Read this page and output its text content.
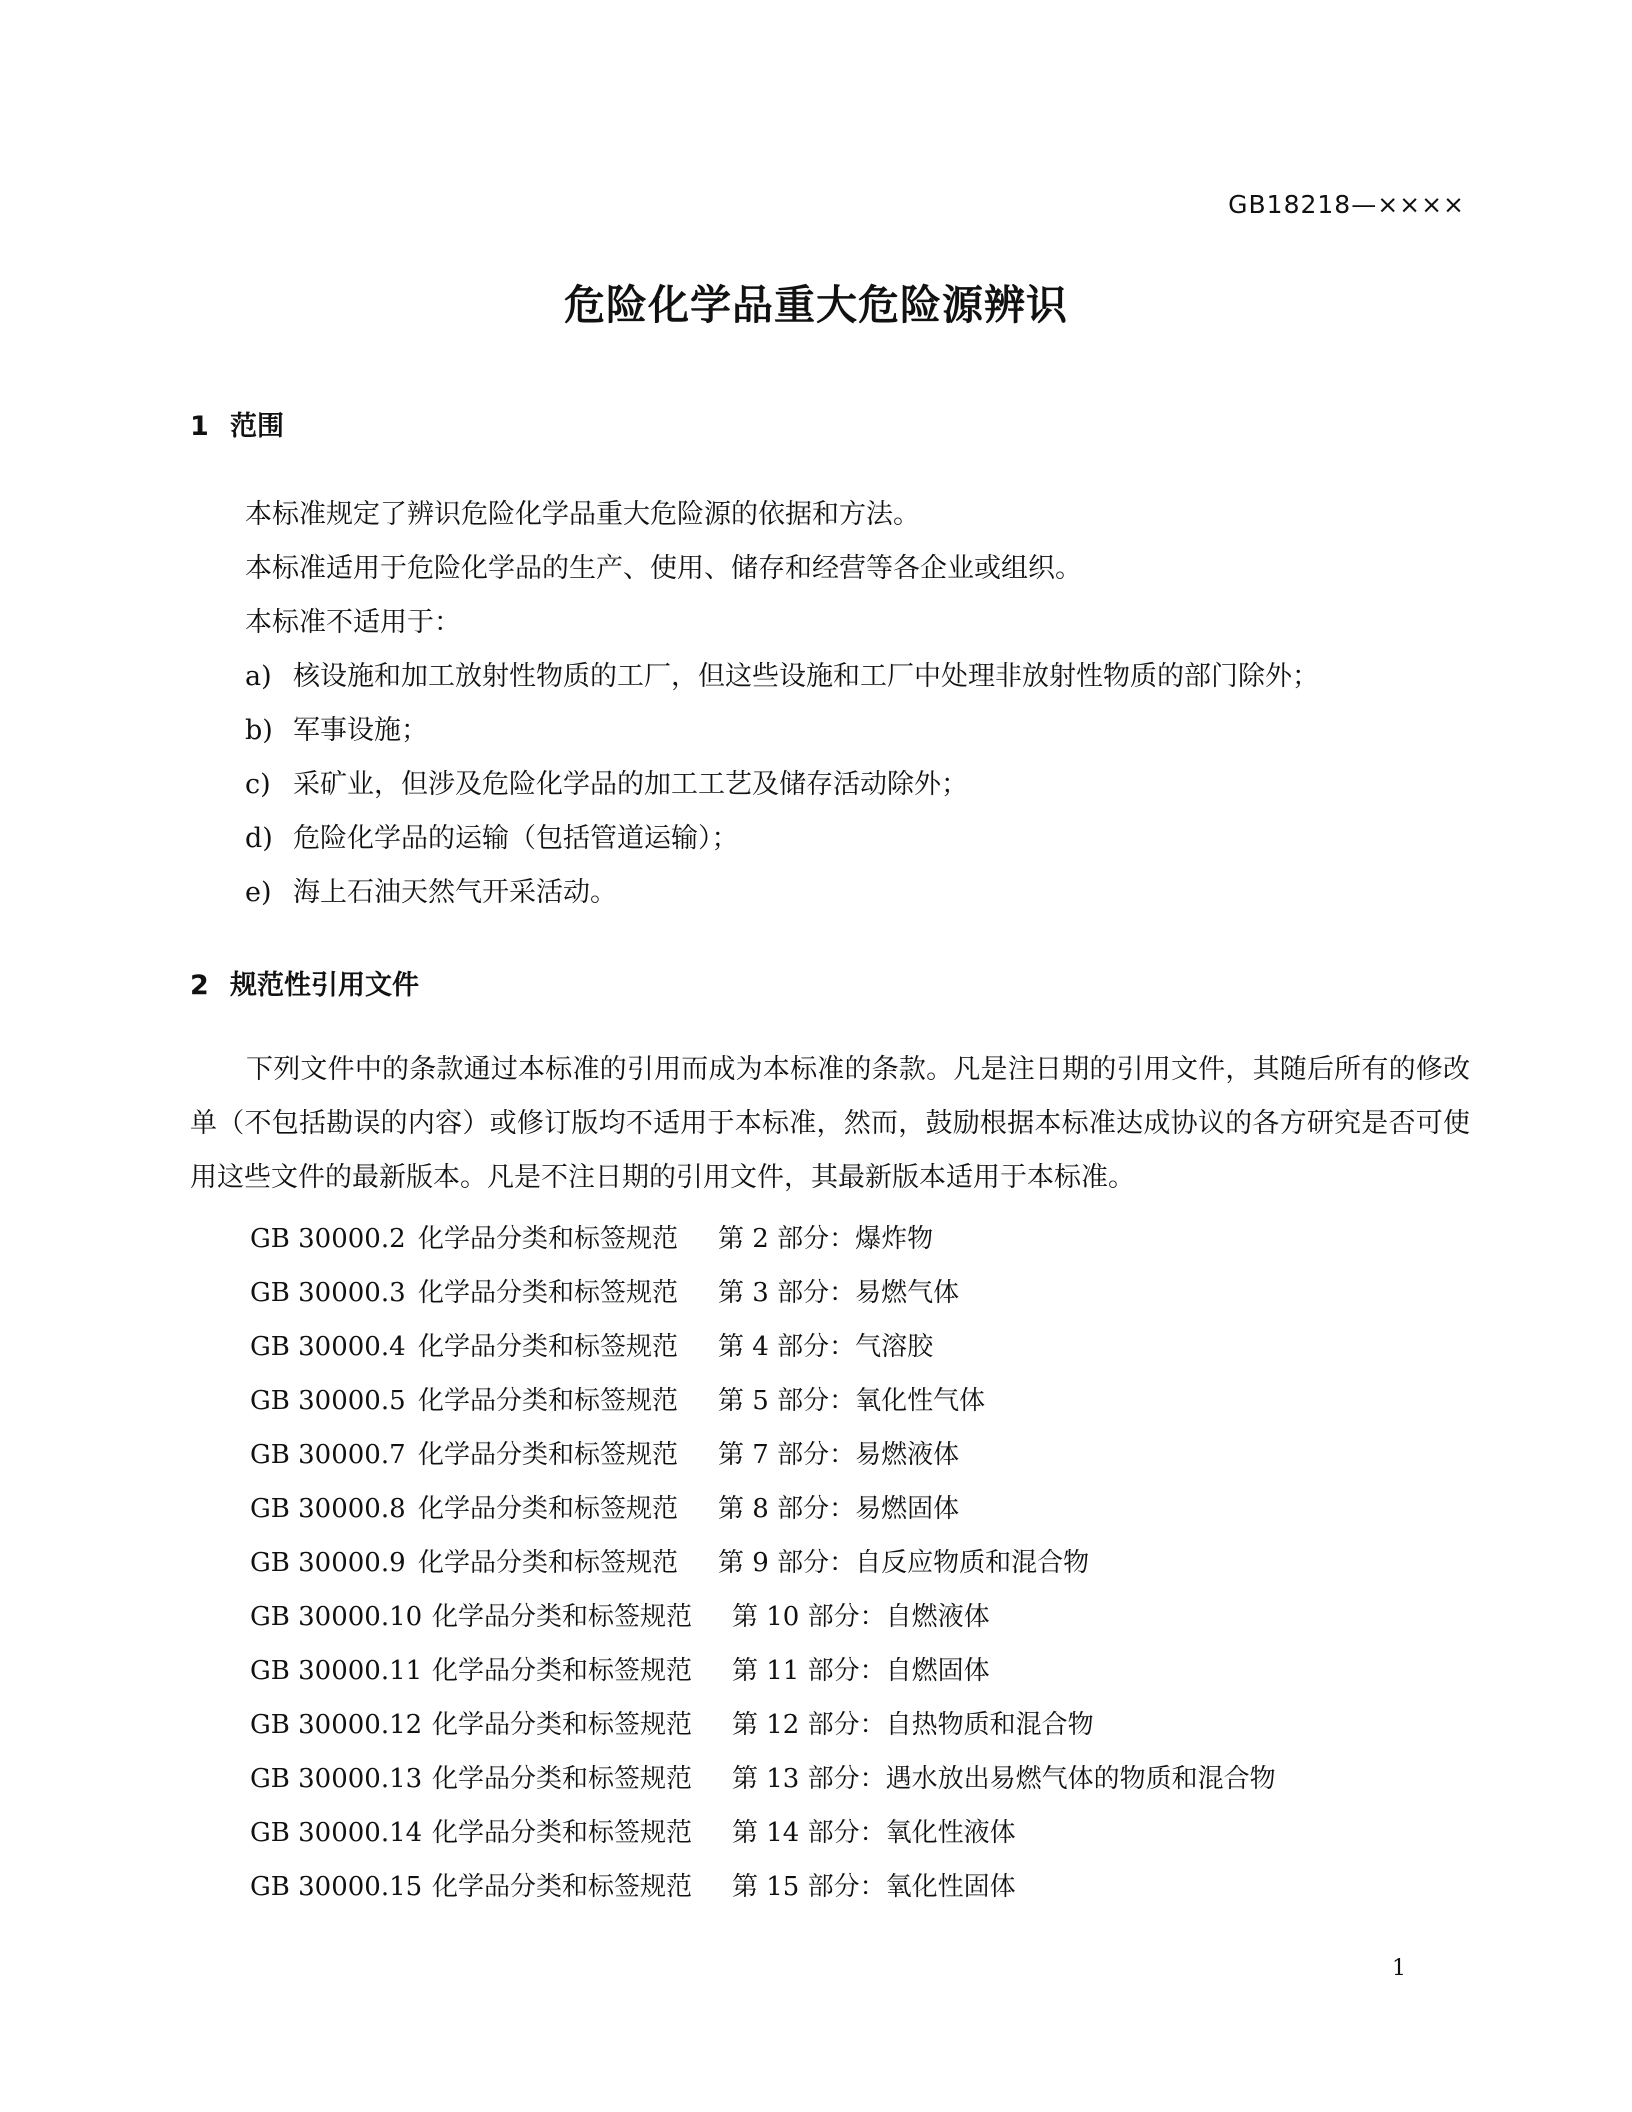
GB18218—××××
危险化学品重大危险源辨识
1 范围
本标准规定了辨识危险化学品重大危险源的依据和方法。
本标准适用于危险化学品的生产、使用、储存和经营等各企业或组织。
本标准不适用于：
a) 核设施和加工放射性物质的工厂，但这些设施和工厂中处理非放射性物质的部门除外；
b) 军事设施；
c) 采矿业，但涉及危险化学品的加工工艺及储存活动除外；
d) 危险化学品的运输（包括管道运输）；
e) 海上石油天然气开采活动。
2 规范性引用文件
下列文件中的条款通过本标准的引用而成为本标准的条款。凡是注日期的引用文件，其随后所有的修改单（不包括勘误的内容）或修订版均不适用于本标准，然而，鼓励根据本标准达成协议的各方研究是否可使用这些文件的最新版本。凡是不注日期的引用文件，其最新版本适用于本标准。
GB 30000.2 化学品分类和标签规范 第 2 部分：爆炸物
GB 30000.3 化学品分类和标签规范 第 3 部分：易燃气体
GB 30000.4 化学品分类和标签规范 第 4 部分：气溶胶
GB 30000.5 化学品分类和标签规范 第 5 部分：氧化性气体
GB 30000.7 化学品分类和标签规范 第 7 部分：易燃液体
GB 30000.8 化学品分类和标签规范 第 8 部分：易燃固体
GB 30000.9 化学品分类和标签规范 第 9 部分：自反应物质和混合物
GB 30000.10 化学品分类和标签规范 第 10 部分：自燃液体
GB 30000.11 化学品分类和标签规范 第 11 部分：自燃固体
GB 30000.12 化学品分类和标签规范 第 12 部分：自热物质和混合物
GB 30000.13 化学品分类和标签规范 第 13 部分：遇水放出易燃气体的物质和混合物
GB 30000.14 化学品分类和标签规范 第 14 部分：氧化性液体
GB 30000.15 化学品分类和标签规范 第 15 部分：氧化性固体
1
